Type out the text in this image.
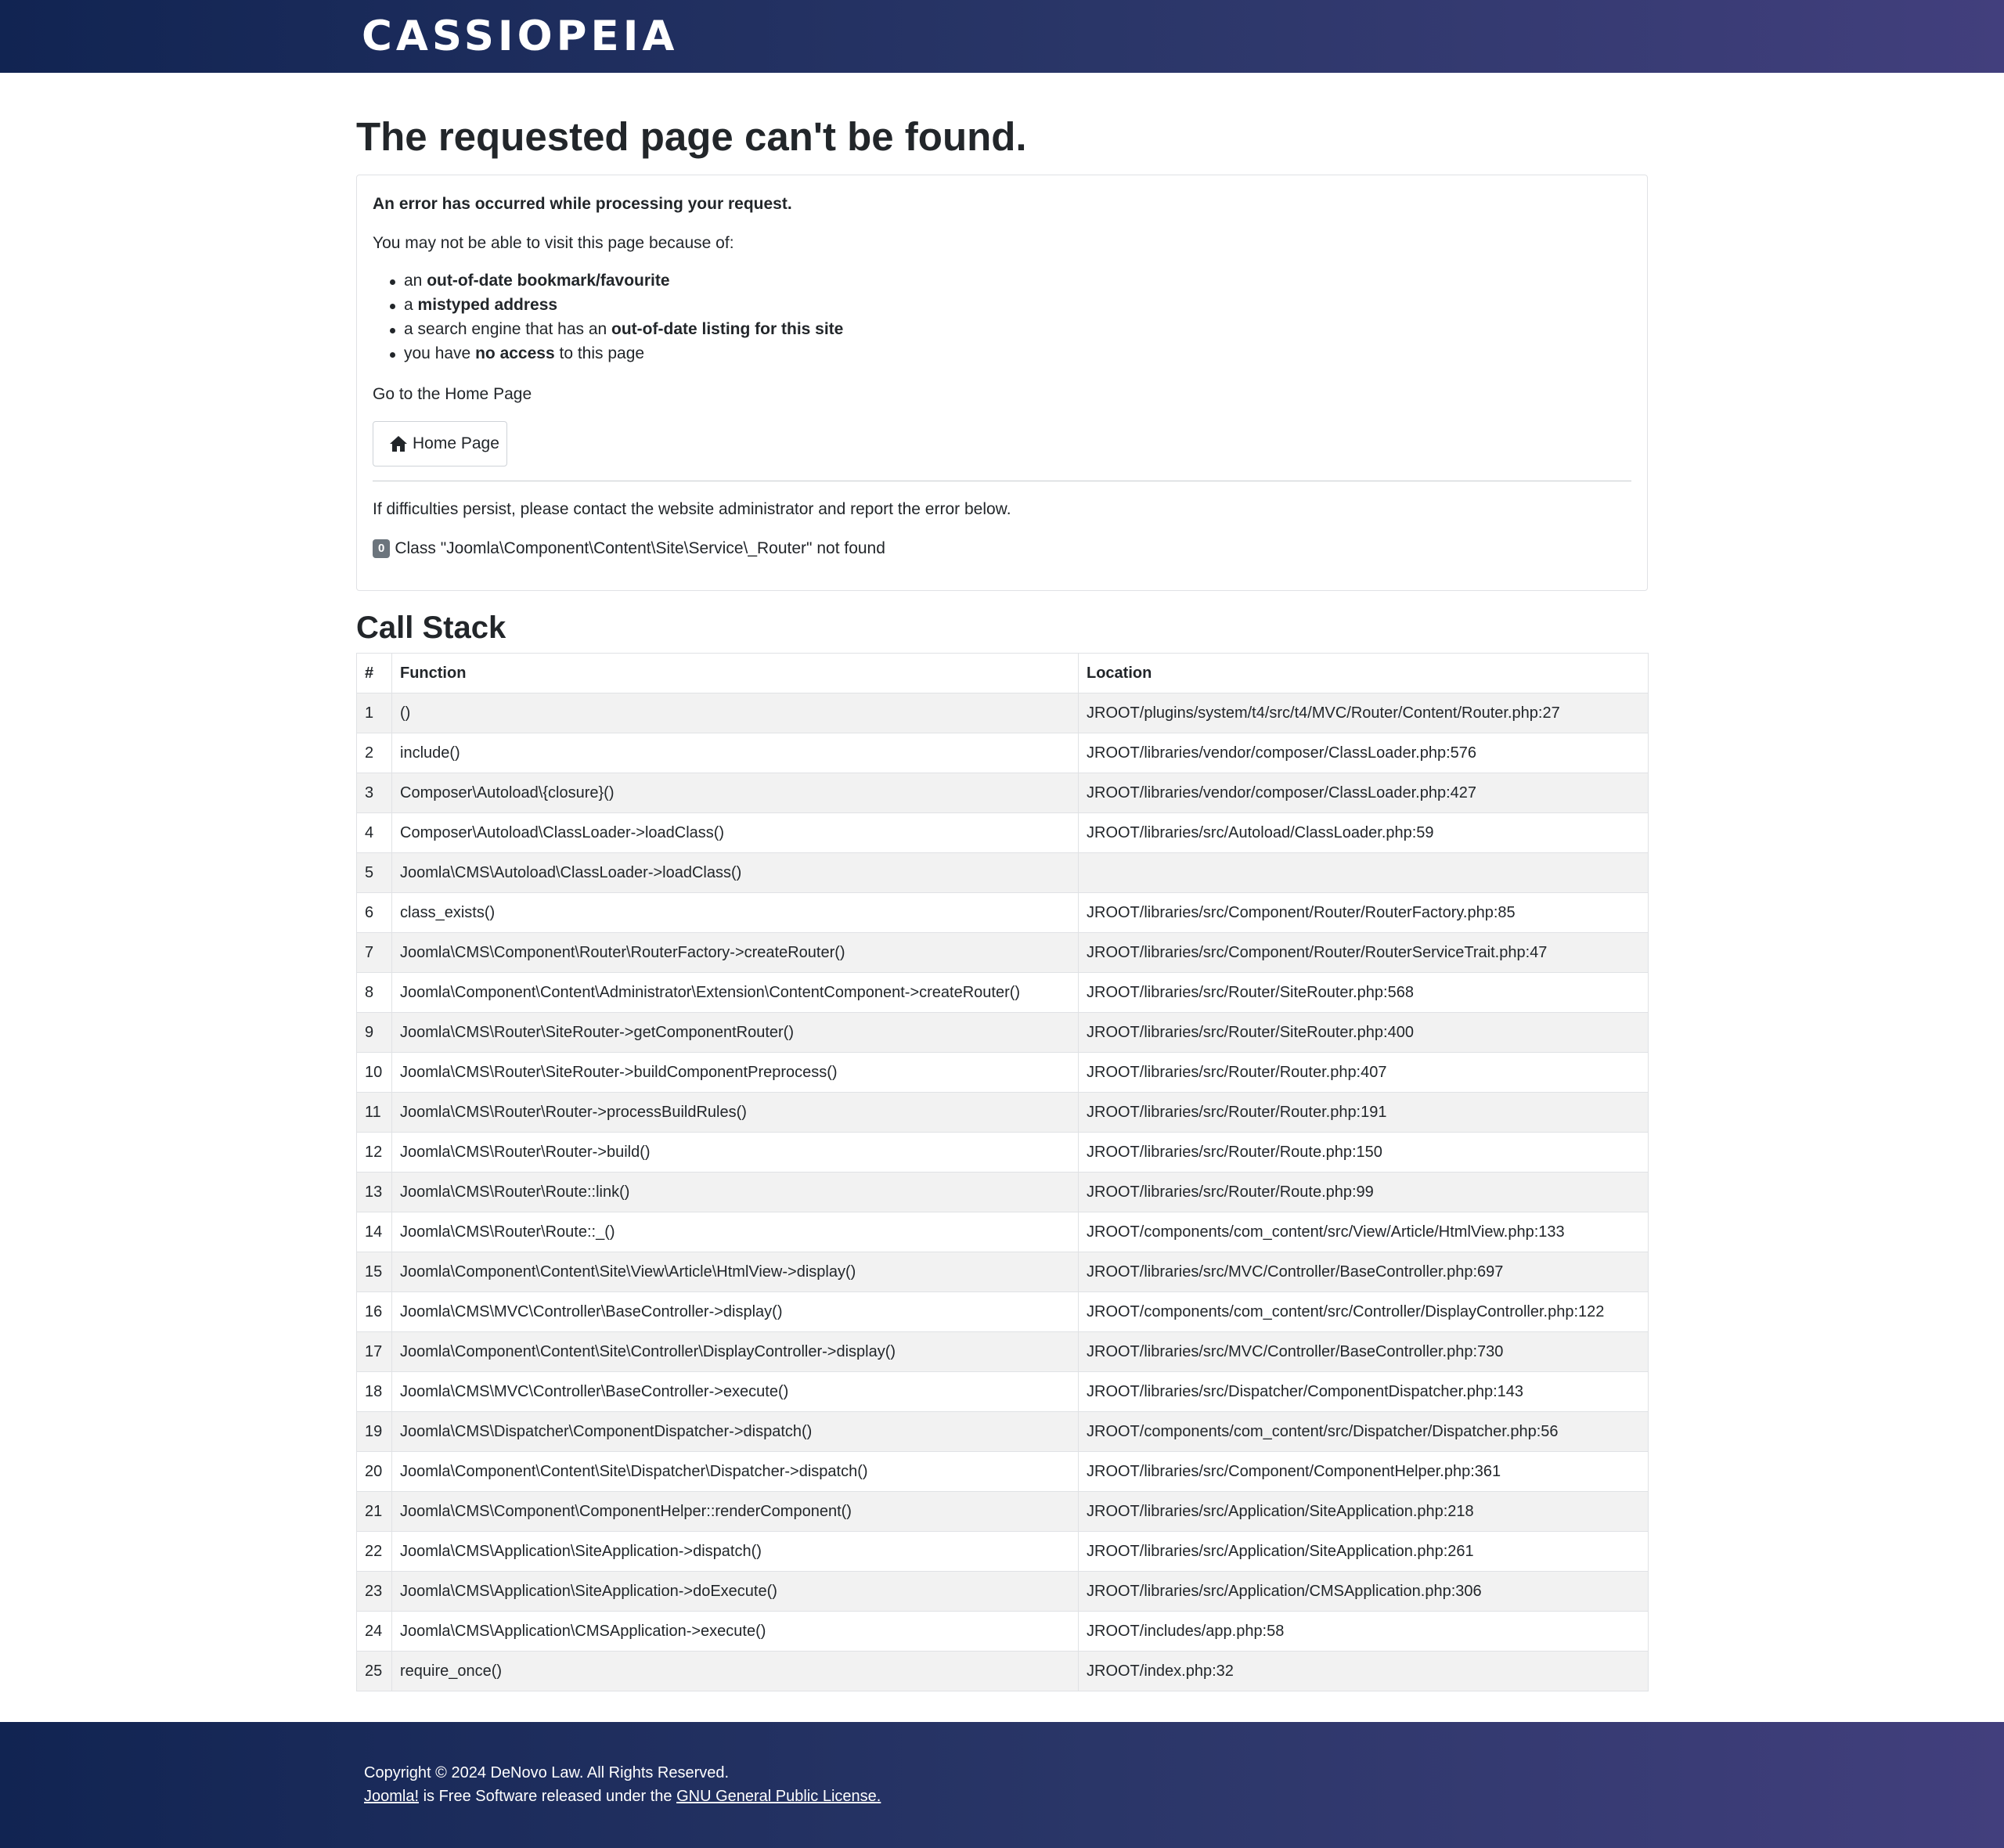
CASSIOPEIA
The requested page can't be found.
An error has occurred while processing your request.
You may not be able to visit this page because of:
an out-of-date bookmark/favourite
a mistyped address
a search engine that has an out-of-date listing for this site
you have no access to this page
Go to the Home Page
Home Page
If difficulties persist, please contact the website administrator and report the error below.
0 Class "Joomla\Component\Content\Site\Service\_Router" not found
Call Stack
#	Function	Location
1	()	JROOT/plugins/system/t4/src/t4/MVC/Router/Content/Router.php:27
2	include()	JROOT/libraries/vendor/composer/ClassLoader.php:576
3	Composer\Autoload\{closure}()	JROOT/libraries/vendor/composer/ClassLoader.php:427
4	Composer\Autoload\ClassLoader->loadClass()	JROOT/libraries/src/Autoload/ClassLoader.php:59
5	Joomla\CMS\Autoload\ClassLoader->loadClass()	
6	class_exists()	JROOT/libraries/src/Component/Router/RouterFactory.php:85
7	Joomla\CMS\Component\Router\RouterFactory->createRouter()	JROOT/libraries/src/Component/Router/RouterServiceTrait.php:47
8	Joomla\Component\Content\Administrator\Extension\ContentComponent->createRouter()	JROOT/libraries/src/Router/SiteRouter.php:568
9	Joomla\CMS\Router\SiteRouter->getComponentRouter()	JROOT/libraries/src/Router/SiteRouter.php:400
10	Joomla\CMS\Router\SiteRouter->buildComponentPreprocess()	JROOT/libraries/src/Router/Router.php:407
11	Joomla\CMS\Router\Router->processBuildRules()	JROOT/libraries/src/Router/Router.php:191
12	Joomla\CMS\Router\Router->build()	JROOT/libraries/src/Router/Route.php:150
13	Joomla\CMS\Router\Route::link()	JROOT/libraries/src/Router/Route.php:99
14	Joomla\CMS\Router\Route::_()	JROOT/components/com_content/src/View/Article/HtmlView.php:133
15	Joomla\Component\Content\Site\View\Article\HtmlView->display()	JROOT/libraries/src/MVC/Controller/BaseController.php:697
16	Joomla\CMS\MVC\Controller\BaseController->display()	JROOT/components/com_content/src/Controller/DisplayController.php:122
17	Joomla\Component\Content\Site\Controller\DisplayController->display()	JROOT/libraries/src/MVC/Controller/BaseController.php:730
18	Joomla\CMS\MVC\Controller\BaseController->execute()	JROOT/libraries/src/Dispatcher/ComponentDispatcher.php:143
19	Joomla\CMS\Dispatcher\ComponentDispatcher->dispatch()	JROOT/components/com_content/src/Dispatcher/Dispatcher.php:56
20	Joomla\Component\Content\Site\Dispatcher\Dispatcher->dispatch()	JROOT/libraries/src/Component/ComponentHelper.php:361
21	Joomla\CMS\Component\ComponentHelper::renderComponent()	JROOT/libraries/src/Application/SiteApplication.php:218
22	Joomla\CMS\Application\SiteApplication->dispatch()	JROOT/libraries/src/Application/SiteApplication.php:261
23	Joomla\CMS\Application\SiteApplication->doExecute()	JROOT/libraries/src/Application/CMSApplication.php:306
24	Joomla\CMS\Application\CMSApplication->execute()	JROOT/includes/app.php:58
25	require_once()	JROOT/index.php:32
Copyright © 2024 DeNovo Law. All Rights Reserved.
Joomla! is Free Software released under the GNU General Public License.
